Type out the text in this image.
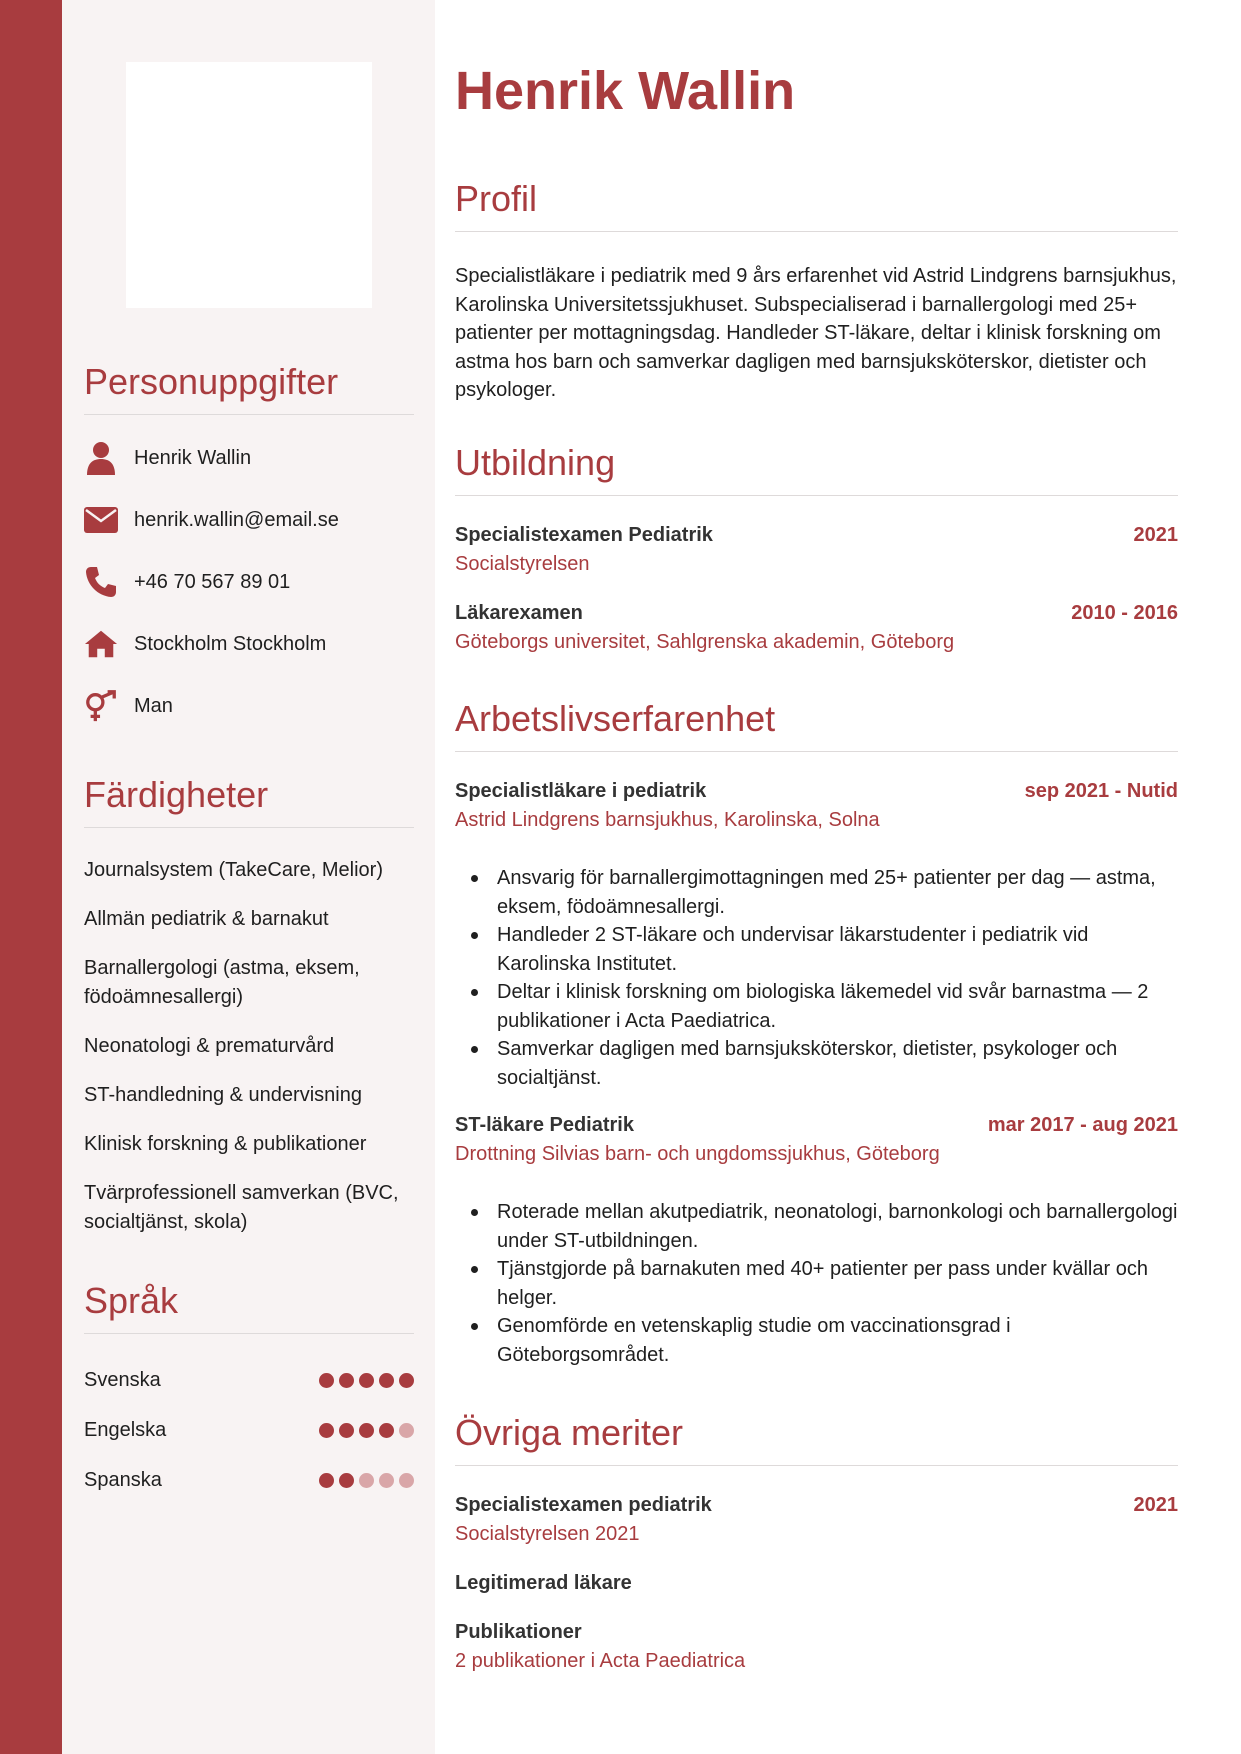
Personuppgifter
Henrik Wallin
henrik.wallin@email.se
+46 70 567 89 01
Stockholm Stockholm
Man
Färdigheter
Journalsystem (TakeCare, Melior)
Allmän pediatrik & barnakut
Barnallergologi (astma, eksem, födoämnesallergi)
Neonatologi & prematurvård
ST-handledning & undervisning
Klinisk forskning & publikationer
Tvärprofessionell samverkan (BVC, socialtjänst, skola)
Språk
Svenska
Engelska
Spanska
Henrik Wallin
Profil

Specialistläkare i pediatrik med 9 års erfarenhet vid Astrid Lindgrens barnsjukhus, Karolinska Universitetssjukhuset. Subspecialiserad i barnallergologi med 25+ patienter per mottagningsdag. Handleder ST-läkare, deltar i klinisk forskning om astma hos barn och samverkar dagligen med barnsjuksköterskor, dietister och psykologer.

Utbildning
Specialistexamen Pediatrik	2021
Socialstyrelsen
Läkarexamen	2010 - 2016
Göteborgs universitet, Sahlgrenska akademin, Göteborg
Arbetslivserfarenhet
Specialistläkare i pediatrik	sep 2021 - Nutid
Astrid Lindgrens barnsjukhus, Karolinska, Solna
Ansvarig för barnallergimottagningen med 25+ patienter per dag — astma, eksem, födoämnesallergi.
Handleder 2 ST-läkare och undervisar läkarstudenter i pediatrik vid Karolinska Institutet.
Deltar i klinisk forskning om biologiska läkemedel vid svår barnastma — 2 publikationer i Acta Paediatrica.
Samverkar dagligen med barnsjuksköterskor, dietister, psykologer och socialtjänst.
ST-läkare Pediatrik	mar 2017 - aug 2021
Drottning Silvias barn- och ungdomssjukhus, Göteborg
Roterade mellan akutpediatrik, neonatologi, barnonkologi och barnallergologi under ST-utbildningen.
Tjänstgjorde på barnakuten med 40+ patienter per pass under kvällar och helger.
Genomförde en vetenskaplig studie om vaccinationsgrad i Göteborgsområdet.
Övriga meriter
Specialistexamen pediatrik	2021
Socialstyrelsen 2021
Legitimerad läkare
Publikationer
2 publikationer i Acta Paediatrica
